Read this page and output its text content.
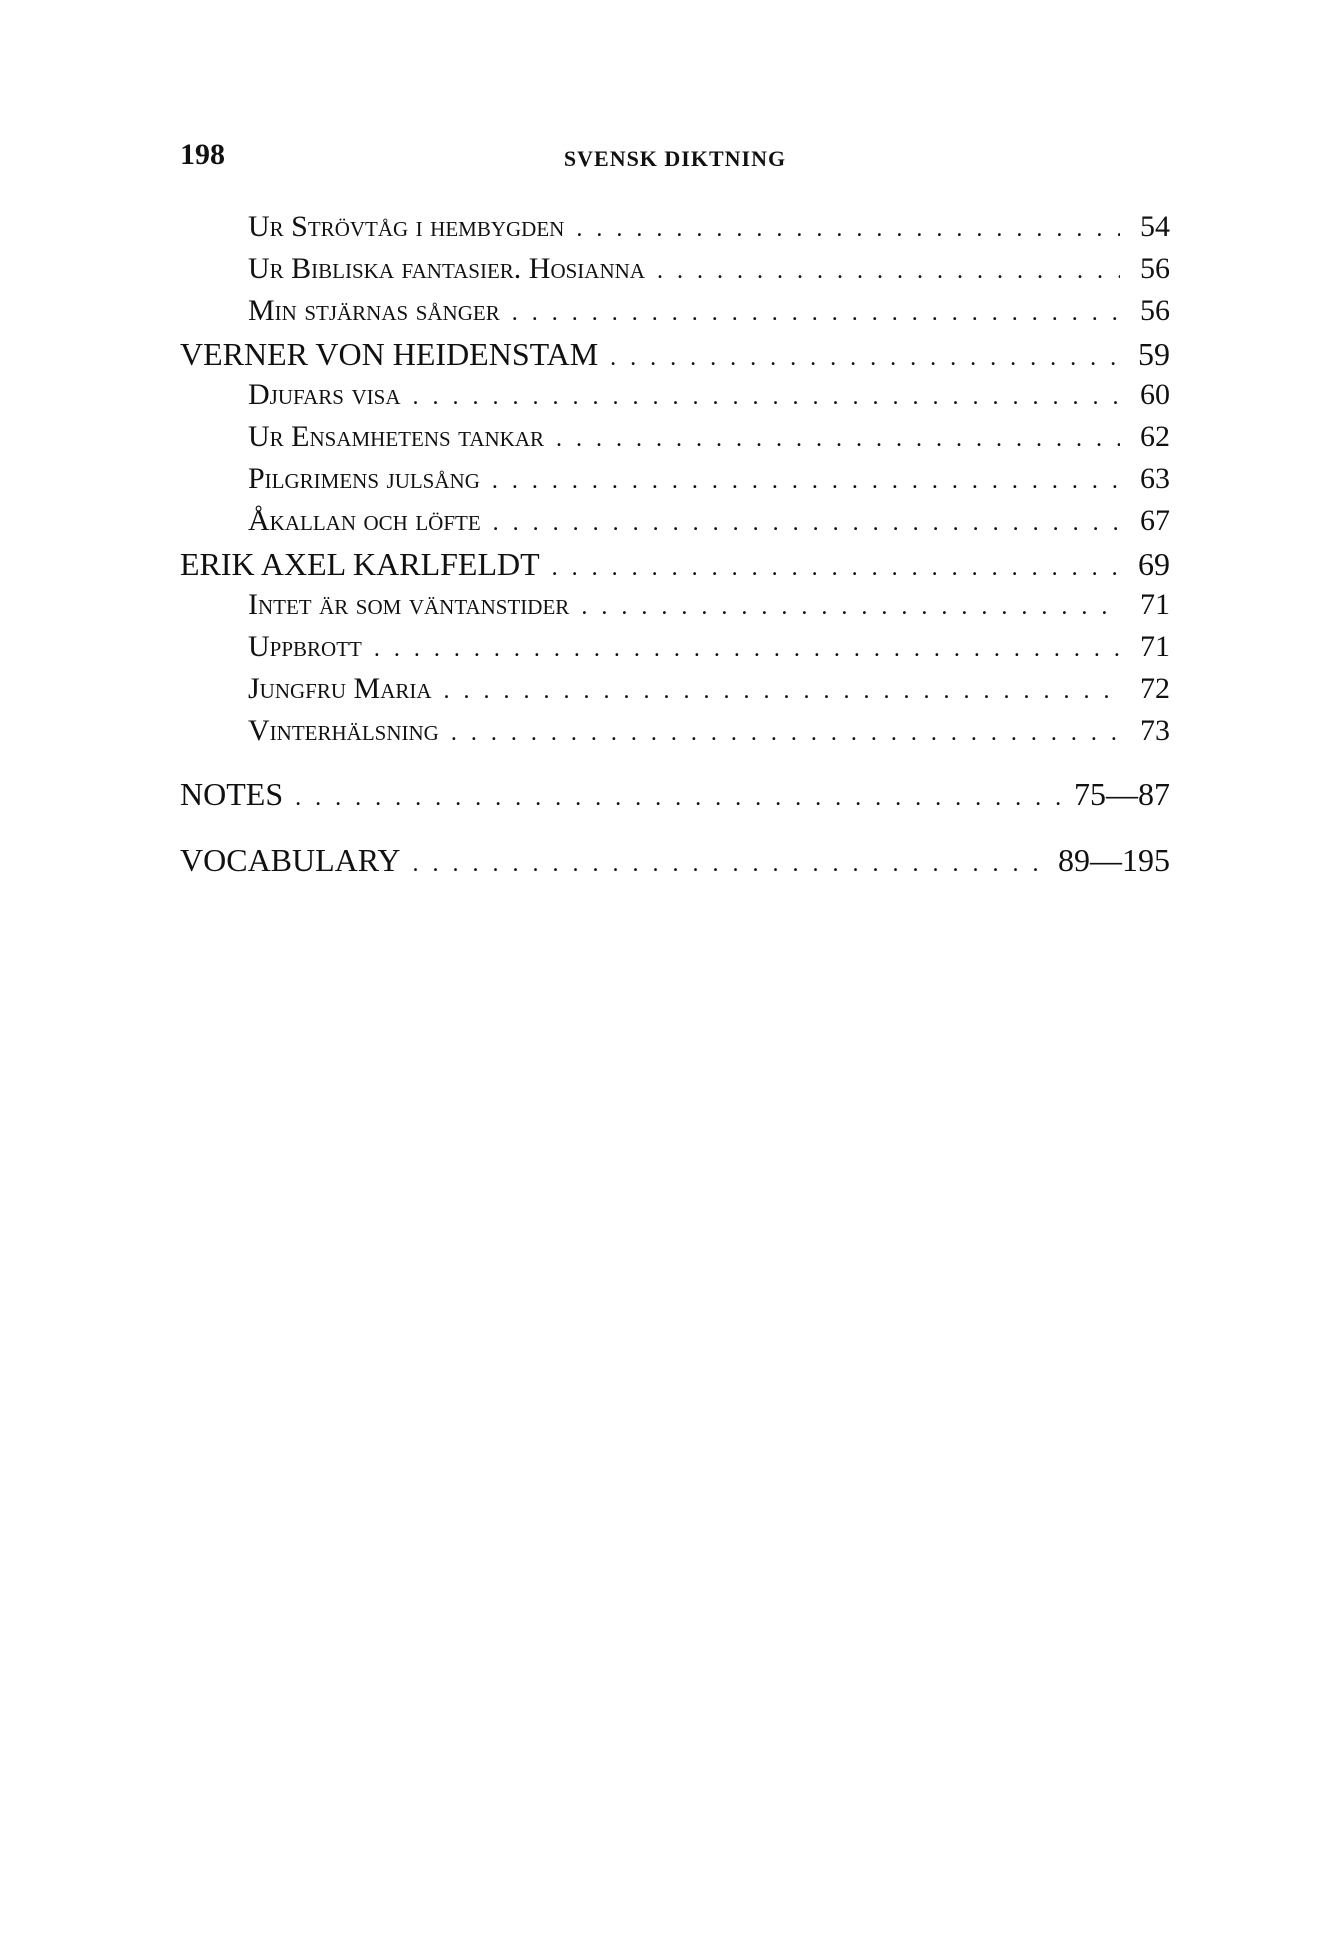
198	SVENSK DIKTNING
Ur Strövtåg i hembygden . . .	54
Ur Bibliska fantasier. Hosianna . . .	56
Min stjärnas sånger . . .	56
VERNER VON HEIDENSTAM . . .	59
Djufars visa . . .	60
Ur Ensamhetens tankar . . .	62
Pilgrimens julsång . . .	63
Åkallan och löfte . . .	67
ERIK AXEL KARLFELDT . . .	69
Intet är som väntanstider . . .	71
Uppbrott . . .	71
Jungfru Maria . . .	72
Vinterhälsning . . .	73
NOTES . . .	75—87
VOCABULARY . . .	89—195
